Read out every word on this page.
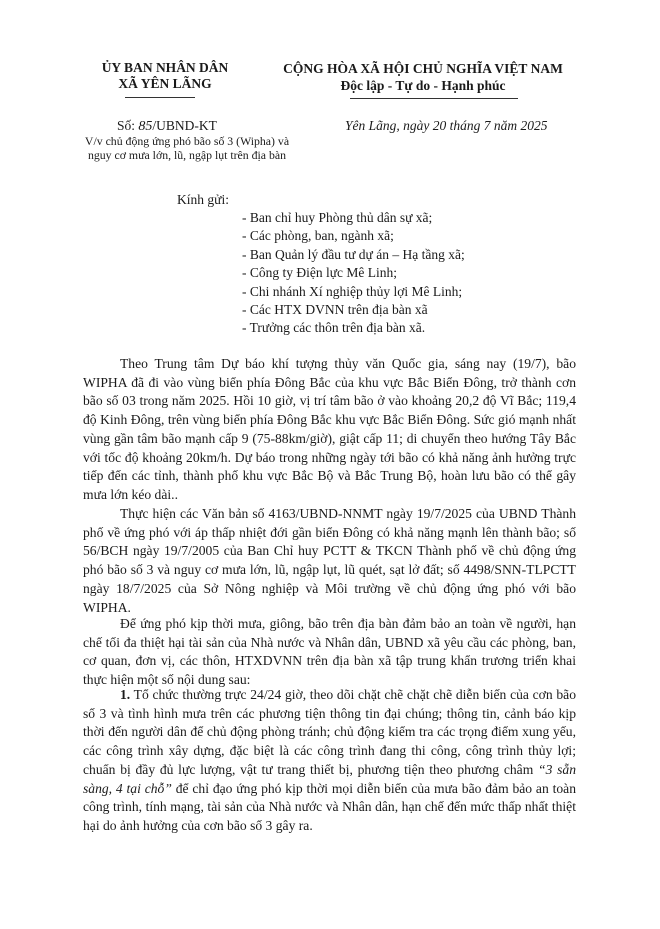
ỦY BAN NHÂN DÂN
XÃ YÊN LÃNG
CỘNG HÒA XÃ HỘI CHỦ NGHĨA VIỆT NAM
Độc lập - Tự do - Hạnh phúc
Số: 85/UBND-KT
V/v chủ động ứng phó bão số 3 (Wipha) và
nguy cơ mưa lớn, lũ, ngập lụt trên địa bàn
Yên Lãng, ngày 20 tháng 7 năm 2025
Kính gửi:
- Ban chỉ huy Phòng thủ dân sự xã;
- Các phòng, ban, ngành xã;
- Ban Quản lý đầu tư dự án – Hạ tầng xã;
- Công ty Điện lực Mê Linh;
- Chi nhánh Xí nghiệp thủy lợi Mê Linh;
- Các HTX DVNN trên địa bàn xã
- Trưởng các thôn trên địa bàn xã.

Theo Trung tâm Dự báo khí tượng thủy văn Quốc gia, sáng nay (19/7), bão WIPHA đã đi vào vùng biển phía Đông Bắc của khu vực Bắc Biển Đông, trở thành cơn bão số 03 trong năm 2025. Hồi 10 giờ, vị trí tâm bão ở vào khoảng 20,2 độ Vĩ Bắc; 119,4 độ Kinh Đông, trên vùng biển phía Đông Bắc khu vực Bắc Biển Đông. Sức gió mạnh nhất vùng gần tâm bão mạnh cấp 9 (75-88km/giờ), giật cấp 11; di chuyển theo hướng Tây Bắc với tốc độ khoảng 20km/h. Dự báo trong những ngày tới bão có khả năng ảnh hưởng trực tiếp đến các tỉnh, thành phố khu vực Bắc Bộ và Bắc Trung Bộ, hoàn lưu bão có thể gây mưa lớn kéo dài..

Thực hiện các Văn bản số 4163/UBND-NNMT ngày 19/7/2025 của UBND Thành phố về ứng phó với áp thấp nhiệt đới gần biển Đông có khả năng mạnh lên thành bão; số 56/BCH ngày 19/7/2005 của Ban Chỉ huy PCTT & TKCN Thành phố về chủ động ứng phó bão số 3 và nguy cơ mưa lớn, lũ, ngập lụt, lũ quét, sạt lở đất; số 4498/SNN-TLPCTT ngày 18/7/2025 của Sở Nông nghiệp và Môi trường về chủ động ứng phó với bão WIPHA.

Để ứng phó kịp thời mưa, giông, bão trên địa bàn đảm bảo an toàn về người, hạn chế tối đa thiệt hại tài sản của Nhà nước và Nhân dân, UBND xã yêu cầu các phòng, ban, cơ quan, đơn vị, các thôn, HTXDVNN trên địa bàn xã tập trung khẩn trương triển khai thực hiện một số nội dung sau:

1. Tổ chức thường trực 24/24 giờ, theo dõi chặt chẽ chặt chẽ diễn biến của cơn bão số 3 và tình hình mưa trên các phương tiện thông tin đại chúng; thông tin, cảnh báo kịp thời đến người dân để chủ động phòng tránh; chủ động kiểm tra các trọng điểm xung yếu, các công trình xây dựng, đặc biệt là các công trình đang thi công, công trình thủy lợi; chuẩn bị đầy đủ lực lượng, vật tư trang thiết bị, phương tiện theo phương châm “3 sẵn sàng, 4 tại chỗ” để chỉ đạo ứng phó kịp thời mọi diễn biến của mưa bão đảm bảo an toàn công trình, tính mạng, tài sản của Nhà nước và Nhân dân, hạn chế đến mức thấp nhất thiệt hại do ảnh hưởng của cơn bão số 3 gây ra.
